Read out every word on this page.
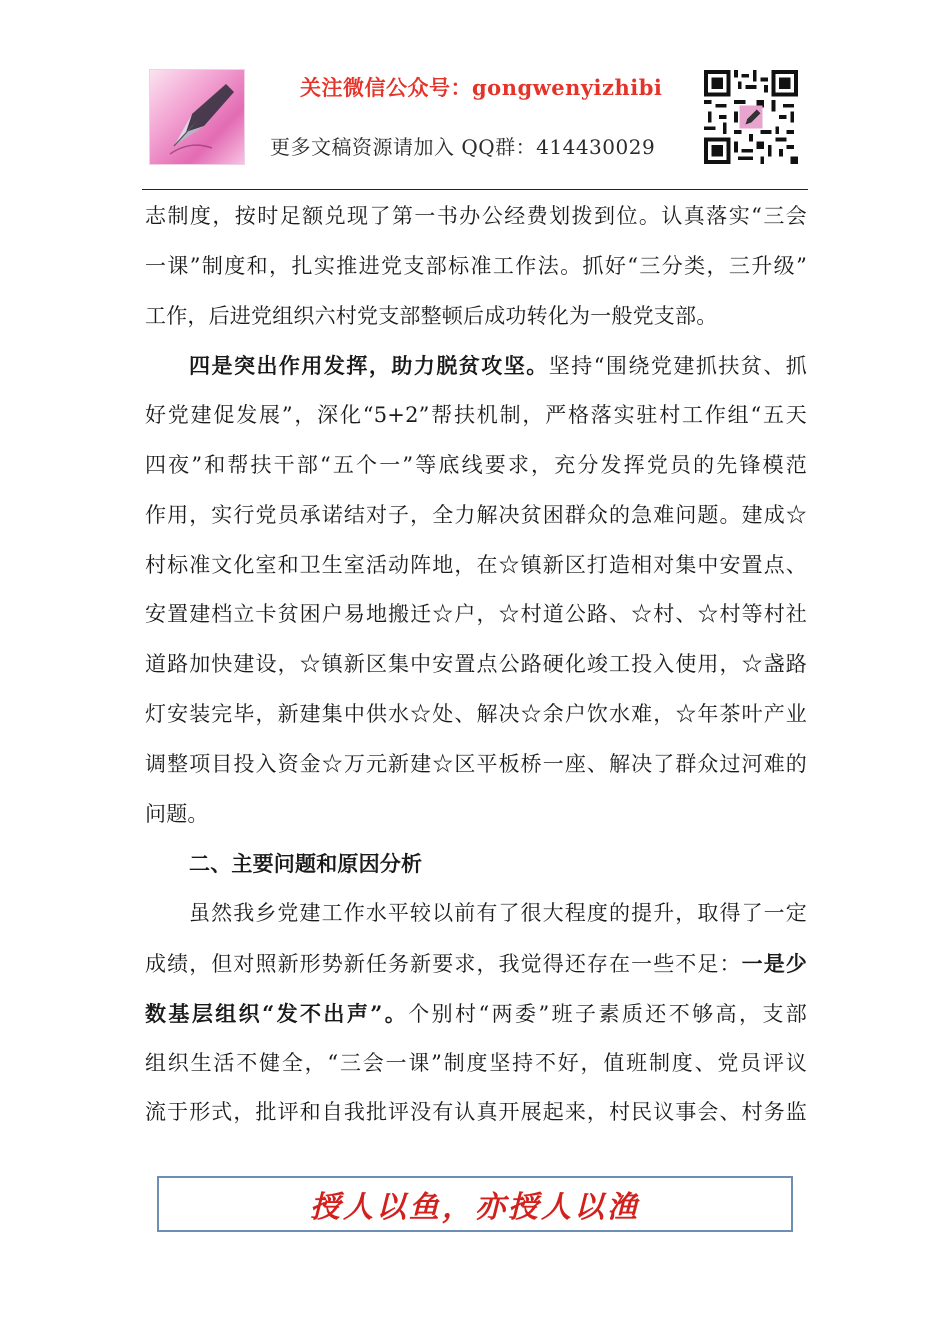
关注微信公众号：gongwenyizhibi
更多文稿资源请加入 QQ群：414430029
志制度，按时足额兑现了第一书办公经费划拨到位。认真落实“三会
一课”制度和，扎实推进党支部标准工作法。抓好“三分类，三升级”
工作，后进党组织六村党支部整顿后成功转化为一般党支部。
四是突出作用发挥，助力脱贫攻坚。坚持“围绕党建抓扶贫、抓
好党建促发展”，深化“5+2”帮扶机制，严格落实驻村工作组“五天
四夜”和帮扶干部“五个一”等底线要求，充分发挥党员的先锋模范
作用，实行党员承诺结对子，全力解决贫困群众的急难问题。建成☆
村标准文化室和卫生室活动阵地，在☆镇新区打造相对集中安置点、
安置建档立卡贫困户易地搬迁☆户，☆村道公路、☆村、☆村等村社
道路加快建设，☆镇新区集中安置点公路硬化竣工投入使用，☆盏路
灯安装完毕，新建集中供水☆处、解决☆余户饮水难，☆年茶叶产业
调整项目投入资金☆万元新建☆区平板桥一座、解决了群众过河难的
问题。
二、主要问题和原因分析
虽然我乡党建工作水平较以前有了很大程度的提升，取得了一定
成绩，但对照新形势新任务新要求，我觉得还存在一些不足：一是少
数基层组织“发不出声”。个别村“两委”班子素质还不够高，支部
组织生活不健全，“三会一课”制度坚持不好，值班制度、党员评议
流于形式，批评和自我批评没有认真开展起来，村民议事会、村务监
授人以鱼，亦授人以渔
